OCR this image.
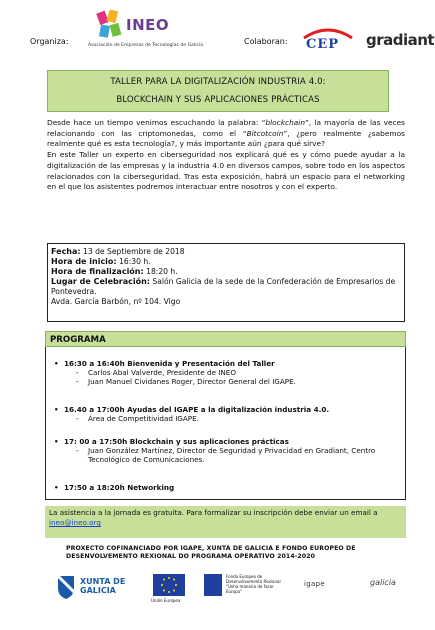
Organiza:
INEO
Asociación de Empresas de Tecnologías de Galicia	Colaboran: CEP gradiant
TALLER PARA LA DIGITALIZACIÓN INDUSTRIA 4.0:
BLOCKCHAIN Y SUS APLICACIONES PRÁCTICAS

Desde hace un tiempo venimos escuchando la palabra: “blockchain”, la mayoría de las veces relacionando con las criptomonedas, como el “Bitcotcoin”, ¿pero realmente ¿sabemos realmente qué es esta tecnología?, y más importante aún ¿para qué sirve?

En este Taller un experto en ciberseguridad nos explicará qué es y cómo puede ayudar a la digitalización de las empresas y la industria 4.0 en diversos campos, sobre todo en los aspectos relacionados con la ciberseguridad. Tras esta exposición, habrá un espacio para el networking en el que los asistentes podremos interactuar entre nosotros y con el experto.

Fecha: 13 de Septiembre de 2018
Hora de inicio: 16:30 h.
Hora de finalización: 18:20 h.
Lugar de Celebración: Salón Galicia de la sede de la Confederación de Empresarios de Pontevedra.
Avda. García Barbón, nº 104. Vigo
PROGRAMA
• 16:30 a 16:40h Bienvenida y Presentación del Taller
- Carlos Abal Valverde, Presidente de INEO
- Juan Manuel Cividanes Roger, Director General del IGAPE.
• 16.40 a 17:00h Ayudas del IGAPE a la digitalización industria 4.0.
- Área de Competitividad IGAPE.
• 17: 00 a 17:50h Blockchain y sus aplicaciones prácticas
- Juan González Martínez, Director de Seguridad y Privacidad en Gradiant, Centro Tecnológico de Comunicaciones.
• 17:50 a 18:20h Networking
La asistencia a la jornada es gratuita. Para formalizar su inscripción debe enviar un email a ineo@ineo.org
PROXECTO COFINANCIADO POR IGAPE, XUNTA DE GALICIA E FONDO EUROPEO DE DESENVOLVEMENTO REXIONAL DO PROGRAMA OPERATIVO 2014-2020
XUNTA DE GALICIA
Unión Europea
Fondo Europeo de Desenvolvemento Rexional "Unha maneira de facer Europa"
igape	galicia
